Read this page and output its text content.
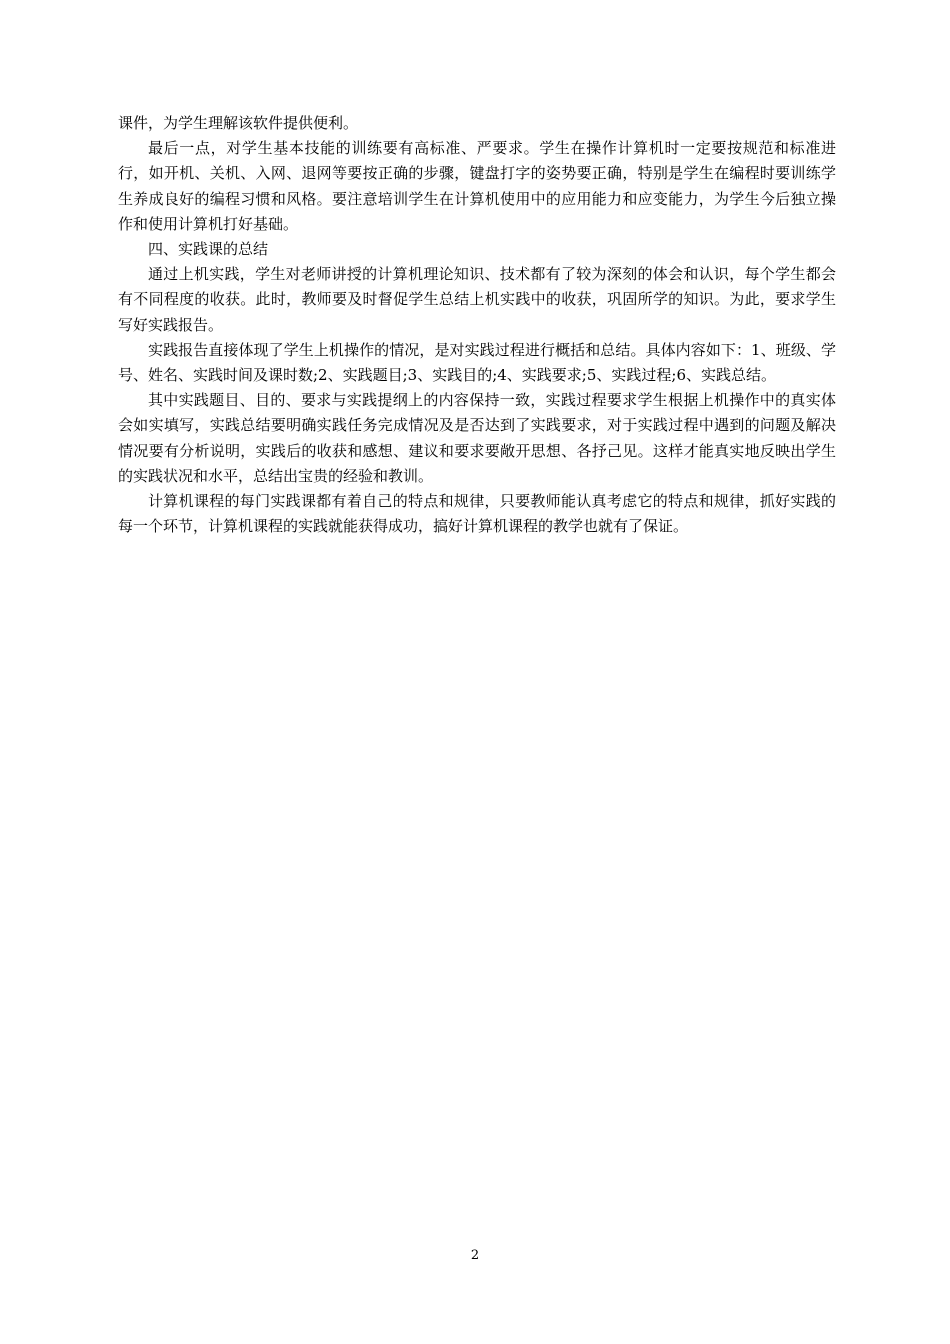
课件，为学生理解该软件提供便利。

最后一点，对学生基本技能的训练要有高标准、严要求。学生在操作计算机时一定要按规范和标准进行，如开机、关机、入网、退网等要按正确的步骤，键盘打字的姿势要正确，特别是学生在编程时要训练学生养成良好的编程习惯和风格。要注意培训学生在计算机使用中的应用能力和应变能力，为学生今后独立操作和使用计算机打好基础。

四、实践课的总结

通过上机实践，学生对老师讲授的计算机理论知识、技术都有了较为深刻的体会和认识，每个学生都会有不同程度的收获。此时，教师要及时督促学生总结上机实践中的收获，巩固所学的知识。为此，要求学生写好实践报告。

实践报告直接体现了学生上机操作的情况，是对实践过程进行概括和总结。具体内容如下：1、班级、学号、姓名、实践时间及课时数;2、实践题目;3、实践目的;4、实践要求;5、实践过程;6、实践总结。

其中实践题目、目的、要求与实践提纲上的内容保持一致，实践过程要求学生根据上机操作中的真实体会如实填写，实践总结要明确实践任务完成情况及是否达到了实践要求，对于实践过程中遇到的问题及解决情况要有分析说明，实践后的收获和感想、建议和要求要敞开思想、各抒己见。这样才能真实地反映出学生的实践状况和水平，总结出宝贵的经验和教训。

计算机课程的每门实践课都有着自己的特点和规律，只要教师能认真考虑它的特点和规律，抓好实践的每一个环节，计算机课程的实践就能获得成功，搞好计算机课程的教学也就有了保证。

2
